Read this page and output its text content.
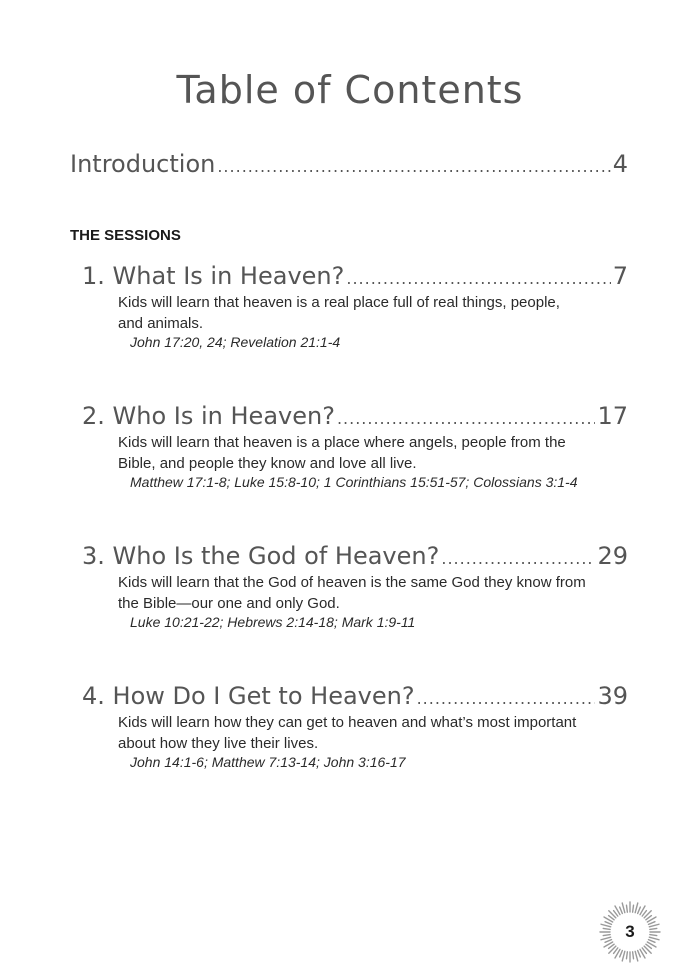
Table of Contents
Introduction .....	4
THE SESSIONS
1. What Is in Heaven? .....	7
Kids will learn that heaven is a real place full of real things, people, and animals.
John 17:20, 24; Revelation 21:1-4
2. Who Is in Heaven? .....	17
Kids will learn that heaven is a place where angels, people from the Bible, and people they know and love all live.
Matthew 17:1-8; Luke 15:8-10; 1 Corinthians 15:51-57; Colossians 3:1-4
3. Who Is the God of Heaven? .....	29
Kids will learn that the God of heaven is the same God they know from the Bible—our one and only God.
Luke 10:21-22; Hebrews 2:14-18; Mark 1:9-11
4. How Do I Get to Heaven? .....	39
Kids will learn how they can get to heaven and what’s most important about how they live their lives.
John 14:1-6; Matthew 7:13-14; John 3:16-17
3
